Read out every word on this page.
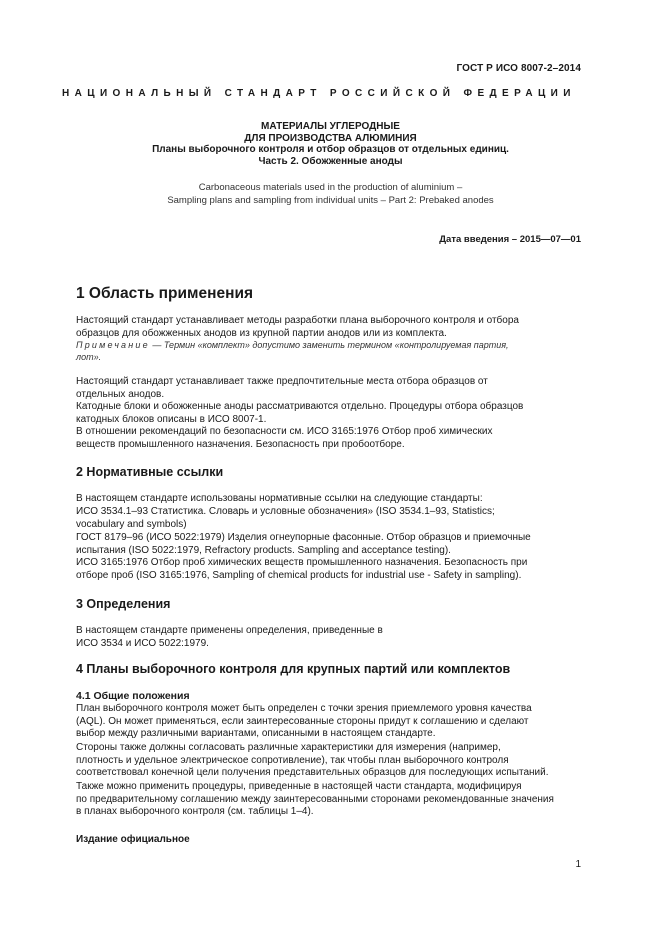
ГОСТ Р ИСО 8007-2–2014
НАЦИОНАЛЬНЫЙ СТАНДАРТ РОССИЙСКОЙ ФЕДЕРАЦИИ
МАТЕРИАЛЫ УГЛЕРОДНЫЕ
ДЛЯ ПРОИЗВОДСТВА АЛЮМИНИЯ
Планы выборочного контроля и отбор образцов от отдельных единиц.
Часть 2. Обожженные аноды
Carbonaceous materials used in the production of aluminium –
Sampling plans and sampling from individual units – Part 2: Prebaked anodes
Дата введения – 2015—07—01
1 Область применения
Настоящий стандарт устанавливает методы разработки плана выборочного контроля и отбора
образцов для обожженных анодов из крупной партии анодов или из комплекта.
Примечание — Термин «комплект» допустимо заменить термином «контролируемая партия,
лот».
Настоящий стандарт устанавливает также предпочтительные места отбора образцов от
отдельных анодов.
Катодные блоки и обожженные аноды рассматриваются отдельно. Процедуры отбора образцов
катодных блоков описаны в ИСО 8007-1.
В отношении рекомендаций по безопасности см. ИСО 3165:1976 Отбор проб химических
веществ промышленного назначения. Безопасность при пробоотборе.
2 Нормативные ссылки
В настоящем стандарте использованы нормативные ссылки на следующие стандарты:
ИСО 3534.1–93 Статистика. Словарь и условные обозначения» (ISO 3534.1–93, Statistics;
vocabulary and symbols)
ГОСТ 8179–96 (ИСО 5022:1979) Изделия огнеупорные фасонные. Отбор образцов и приемочные
испытания (ISO 5022:1979, Refractory products. Sampling and acceptance testing).
ИСО 3165:1976 Отбор проб химических веществ промышленного назначения. Безопасность при
отборе проб (ISO 3165:1976, Sampling of chemical products for industrial use - Safety in sampling).
3 Определения
В настоящем стандарте применены определения, приведенные в
ИСО 3534 и ИСО 5022:1979.
4 Планы выборочного контроля для крупных партий или комплектов
4.1 Общие положения
План выборочного контроля может быть определен с точки зрения приемлемого уровня качества
(AQL). Он может применяться, если заинтересованные стороны придут к соглашению и сделают
выбор между различными вариантами, описанными в настоящем стандарте.
Стороны также должны согласовать различные характеристики для измерения (например,
плотность и удельное электрическое сопротивление), так чтобы план выборочного контроля
соответствовал конечной цели получения представительных образцов для последующих испытаний.
Также можно применить процедуры, приведенные в настоящей части стандарта, модифицируя
по предварительному соглашению между заинтересованными сторонами рекомендованные значения
в планах выборочного контроля (см. таблицы 1–4).
Издание официальное
1
